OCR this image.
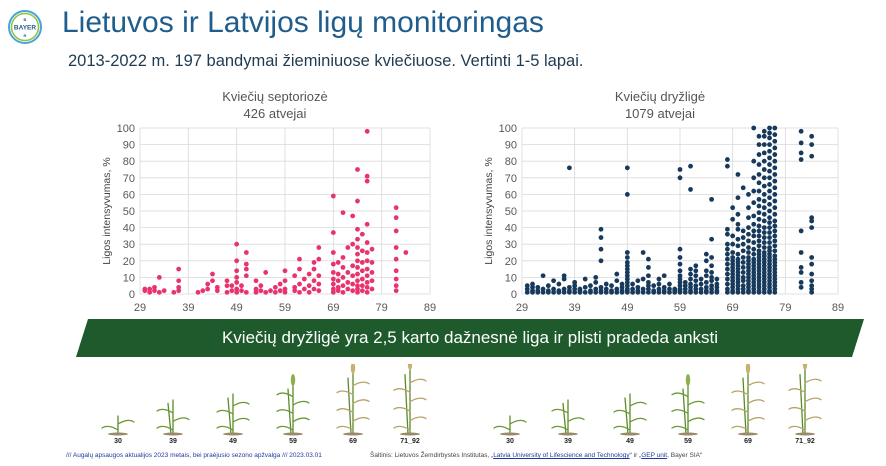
BAYER
B
R Lietuvos ir Latvijos ligų monitoringas
2013-2022 m. 197 bandymai žieminiuose kviečiuose. Vertinti 1-5 lapai.
Kviečių septoriozė
426 atvejai
Kviečių dryžligė
1079 atvejai
0
10
20
30
40
50
60
70
80
90
100
29	39	49	59	69	79	89
Ligos intensyvumas, %
0
10
20
30
40
50
60
70
80
90
100
29	39	49	59	69	79	89
Ligos intensyvumas, %
Kviečių dryžligė yra 2,5 karto dažnesnė liga ir plisti pradeda anksti
30	39	49	59	69	71_92	30	39	49	59	69	71_92
/// Augalų apsaugos aktualijos 2023 metais, bei praėjusio sezono apžvalga /// 2023.03.01	Šaltinis: Lietuvos Žemdirbystės Institutas, „Latvia University of Lifescience and Technology“ ir „GEP unit, Bayer SIA“
